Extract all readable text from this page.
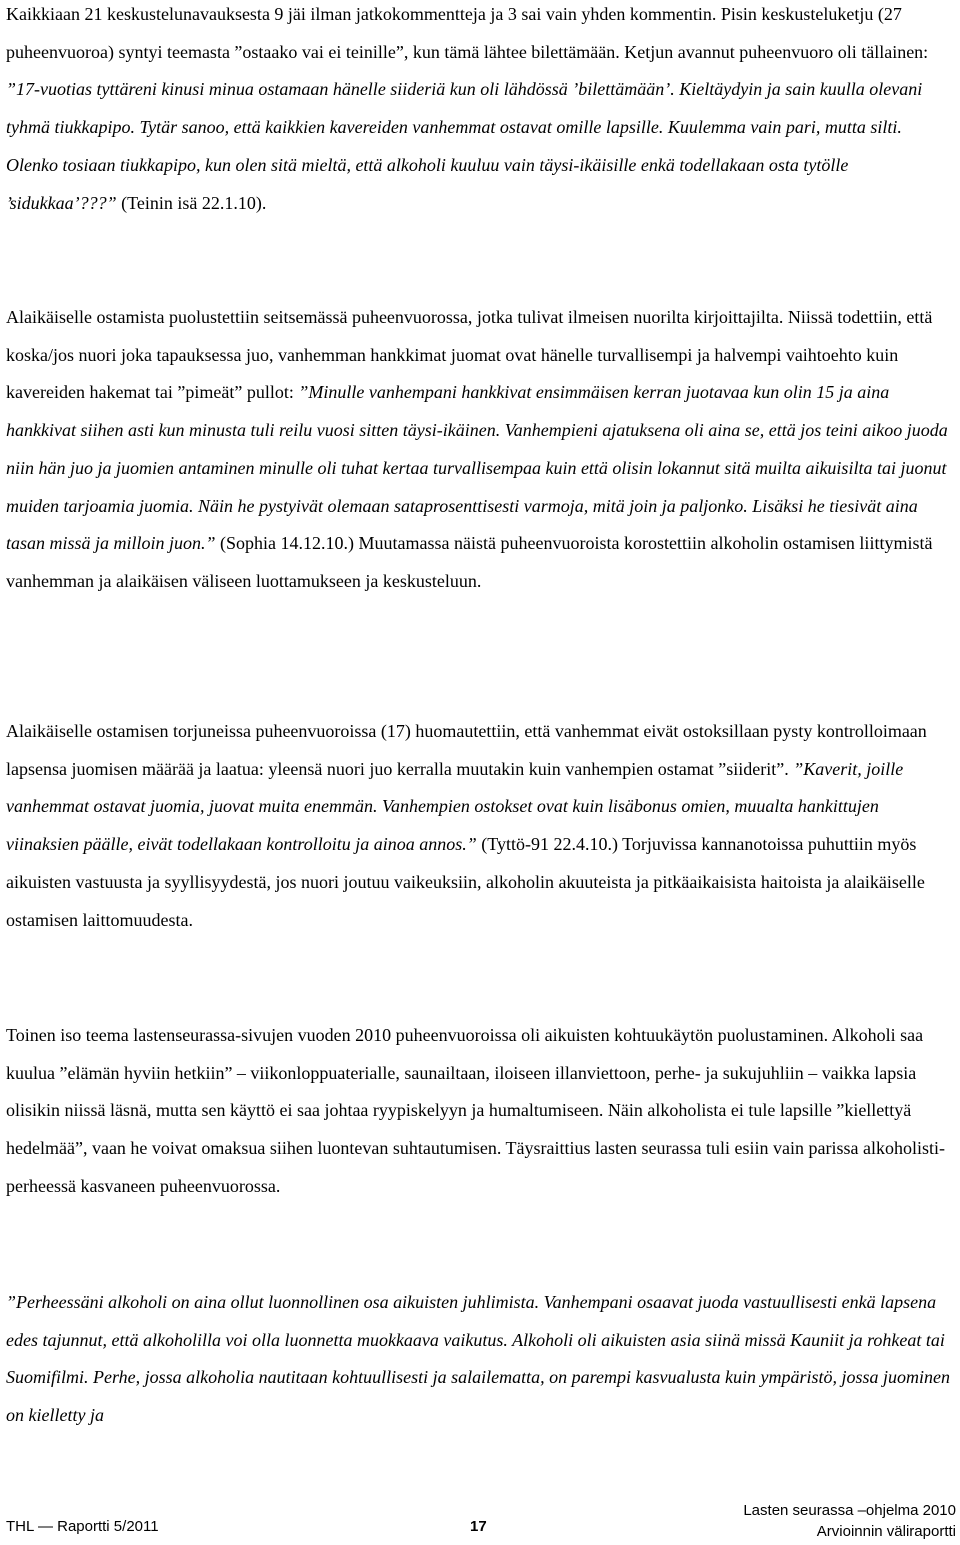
Kaikkiaan 21 keskustelunavauksesta 9 jäi ilman jatkokommentteja ja 3 sai vain yhden kommentin. Pisin keskusteluketju (27 puheenvuoroa) syntyi teemasta ”ostaako vai ei teinille”, kun tämä lähtee bilettämään. Ketjun avannut puheenvuoro oli tällainen: ”17-vuotias tyttäreni kinusi minua ostamaan hänelle siideriä kun oli lähdössä ’bilettämään’. Kieltäydyin ja sain kuulla olevani tyhmä tiukkapipo. Tytär sanoo, että kaikkien kavereiden vanhemmat ostavat omille lapsille. Kuulemma vain pari, mutta silti. Olenko tosiaan tiukkapipo, kun olen sitä mieltä, että alkoholi kuuluu vain täysi-ikäisille enkä todellakaan osta tytölle ’sidukkaa’???” (Teinin isä 22.1.10).

Alaikäiselle ostamista puolustettiin seitsemässä puheenvuorossa, jotka tulivat ilmeisen nuorilta kirjoittajilta. Niissä todettiin, että koska/jos nuori joka tapauksessa juo, vanhemman hankkimat juomat ovat hänelle turvallisempi ja halvempi vaihtoehto kuin kavereiden hakemat tai ”pimeät” pullot: ”Minulle vanhempani hankkivat ensimmäisen kerran juotavaa kun olin 15 ja aina hankkivat siihen asti kun minusta tuli reilu vuosi sitten täysi-ikäinen. Vanhempieni ajatuksena oli aina se, että jos teini aikoo juoda niin hän juo ja juomien antaminen minulle oli tuhat kertaa turvallisempaa kuin että olisin lokannut sitä muilta aikuisilta tai juonut muiden tarjoamia juomia. Näin he pystyivät olemaan sataprosenttisesti varmoja, mitä join ja paljonko. Lisäksi he tiesivät aina tasan missä ja milloin juon.” (Sophia 14.12.10.) Muutamassa näistä puheenvuoroista korostettiin alkoholin ostamisen liittymistä vanhemman ja alaikäisen väliseen luottamukseen ja keskusteluun.

Alaikäiselle ostamisen torjuneissa puheenvuoroissa (17) huomautettiin, että vanhemmat eivät ostoksillaan pysty kontrolloimaan lapsensa juomisen määrää ja laatua: yleensä nuori juo kerralla muutakin kuin vanhempien ostamat ”siiderit”. ”Kaverit, joille vanhemmat ostavat juomia, juovat muita enemmän. Vanhempien ostokset ovat kuin lisäbonus omien, muualta hankittujen viinaksien päälle, eivät todellakaan kontrolloitu ja ainoa annos.” (Tyttö-91 22.4.10.) Torjuvissa kannanotoissa puhuttiin myös aikuisten vastuusta ja syyllisyydestä, jos nuori joutuu vaikeuksiin, alkoholin akuuteista ja pitkäaikaisista haitoista ja alaikäiselle ostamisen laittomuudesta.

Toinen iso teema lastenseurassa-sivujen vuoden 2010 puheenvuoroissa oli aikuisten kohtuukäytön puolustaminen. Alkoholi saa kuulua ”elämän hyviin hetkiin” – viikonloppuaterialle, saunailtaan, iloiseen illanviettoon, perhe- ja sukujuhliin – vaikka lapsia olisikin niissä läsnä, mutta sen käyttö ei saa johtaa ryypiskelyyn ja humaltumiseen. Näin alkoholista ei tule lapsille ”kiellettyä hedelmää”, vaan he voivat omaksua siihen luontevan suhtautumisen. Täysraittius lasten seurassa tuli esiin vain parissa alkoholisti-perheessä kasvaneen puheenvuorossa.

”Perheessäni alkoholi on aina ollut luonnollinen osa aikuisten juhlimista. Vanhempani osaavat juoda vastuullisesti enkä lapsena edes tajunnut, että alkoholilla voi olla luonnetta muokkaava vaikutus. Alkoholi oli aikuisten asia siinä missä Kauniit ja rohkeat tai Suomifilmi. Perhe, jossa alkoholia nautitaan kohtuullisesti ja salailematta, on parempi kasvualusta kuin ympäristö, jossa juominen on kielletty ja

THL — Raportti 5/2011	17
Lasten seurassa –ohjelma 2010
Arvioinnin väliraportti
